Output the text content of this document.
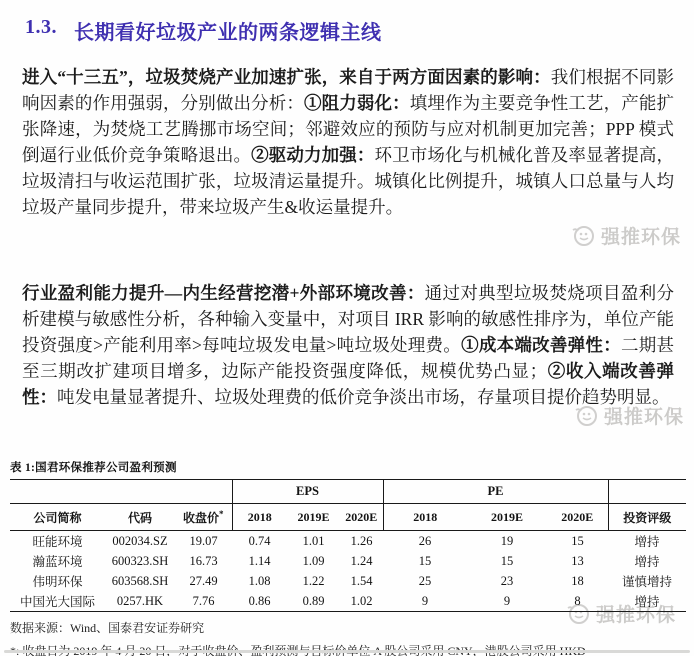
1.3. 长期看好垃圾产业的两条逻辑主线
进入“十三五”，垃圾焚烧产业加速扩张，来自于两方面因素的影响：我们根据不同影响因素的作用强弱，分别做出分析：①阻力弱化：填埋作为主要竞争性工艺，产能扩张降速，为焚烧工艺腾挪市场空间；邻避效应的预防与应对机制更加完善；PPP 模式倒逼行业低价竞争策略退出。②驱动力加强：环卫市场化与机械化普及率显著提高，垃圾清扫与收运范围扩张，垃圾清运量提升。城镇化比例提升，城镇人口总量与人均垃圾产量同步提升，带来垃圾产生&收运量提升。
行业盈利能力提升—内生经营挖潜+外部环境改善：通过对典型垃圾焚烧项目盈利分析建模与敏感性分析，各种输入变量中，对项目 IRR 影响的敏感性排序为，单位产能投资强度>产能利用率>每吨垃圾发电量>吨垃圾处理费。①成本端改善弹性：二期甚至三期改扩建项目增多，边际产能投资强度降低，规模优势凸显；②收入端改善弹性：吨发电量显著提升、垃圾处理费的低价竞争淡出市场，存量项目提价趋势明显。
强推环保
强推环保
强推环保
表 1:国君环保推荐公司盈利预测
			EPS			PE			
公司简称	代码	收盘价*	2018	2019E	2020E	2018	2019E	2020E	投资评级
旺能环境	002034.SZ	19.07	0.74	1.01	1.26	26	19	15	增持
瀚蓝环境	600323.SH	16.73	1.14	1.09	1.24	15	15	13	增持
伟明环保	603568.SH	27.49	1.08	1.22	1.54	25	23	18	谨慎增持
中国光大国际	0257.HK	7.76	0.86	0.89	1.02	9	9	8	增持
数据来源：Wind、国泰君安证券研究
